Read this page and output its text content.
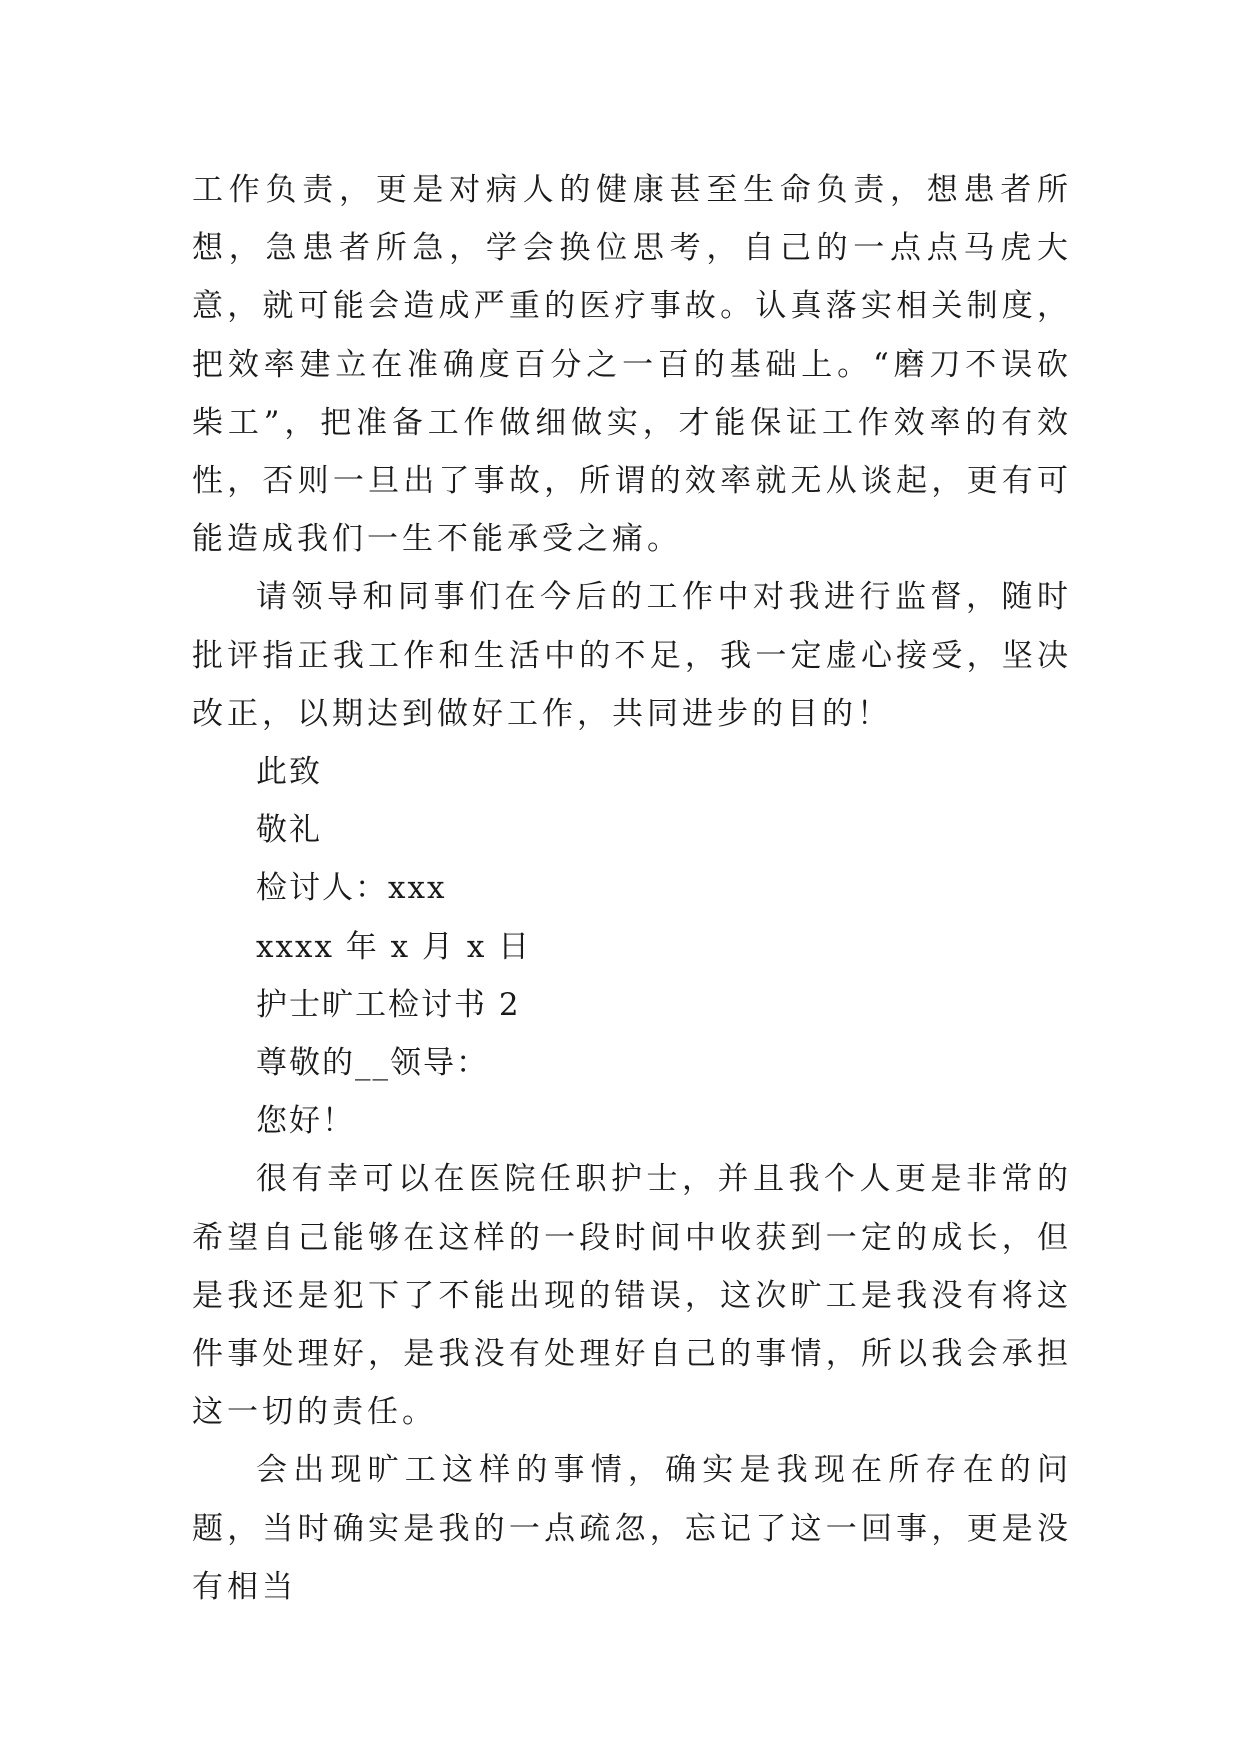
工作负责，更是对病人的健康甚至生命负责，想患者所想，急患者所急，学会换位思考，自己的一点点马虎大意，就可能会造成严重的医疗事故。认真落实相关制度，把效率建立在准确度百分之一百的基础上。“磨刀不误砍柴工”，把准备工作做细做实，才能保证工作效率的有效性，否则一旦出了事故，所谓的效率就无从谈起，更有可能造成我们一生不能承受之痛。

请领导和同事们在今后的工作中对我进行监督，随时批评指正我工作和生活中的不足，我一定虚心接受，坚决改正，以期达到做好工作，共同进步的目的！

此致

敬礼

检讨人：xxx

xxxx 年 x 月 x 日

护士旷工检讨书 2

尊敬的__领导：

您好！

很有幸可以在医院任职护士，并且我个人更是非常的希望自己能够在这样的一段时间中收获到一定的成长，但是我还是犯下了不能出现的错误，这次旷工是我没有将这件事处理好，是我没有处理好自己的事情，所以我会承担这一切的责任。

会出现旷工这样的事情，确实是我现在所存在的问题，当时确实是我的一点疏忽，忘记了这一回事，更是没有相当
